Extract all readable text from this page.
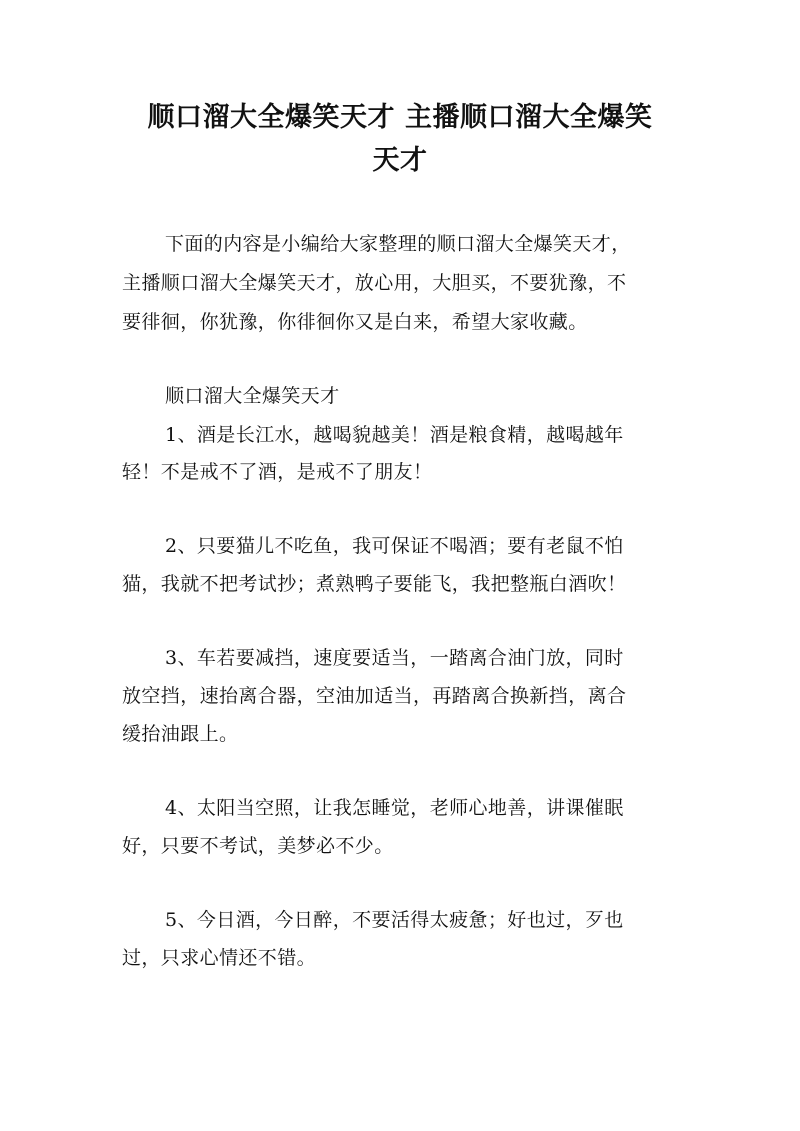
顺口溜大全爆笑天才 主播顺口溜大全爆笑
天才
下面的内容是小编给大家整理的顺口溜大全爆笑天才，
主播顺口溜大全爆笑天才，放心用，大胆买，不要犹豫，不
要徘徊，你犹豫，你徘徊你又是白来，希望大家收藏。
顺口溜大全爆笑天才
1、酒是长江水，越喝貌越美！酒是粮食精，越喝越年
轻！不是戒不了酒，是戒不了朋友！
2、只要猫儿不吃鱼，我可保证不喝酒；要有老鼠不怕
猫，我就不把考试抄；煮熟鸭子要能飞，我把整瓶白酒吹！
3、车若要减挡，速度要适当，一踏离合油门放，同时
放空挡，速抬离合器，空油加适当，再踏离合换新挡，离合
缓抬油跟上。
4、太阳当空照，让我怎睡觉，老师心地善，讲课催眠
好，只要不考试，美梦必不少。
5、今日酒，今日醉，不要活得太疲惫；好也过，歹也
过，只求心情还不错。
